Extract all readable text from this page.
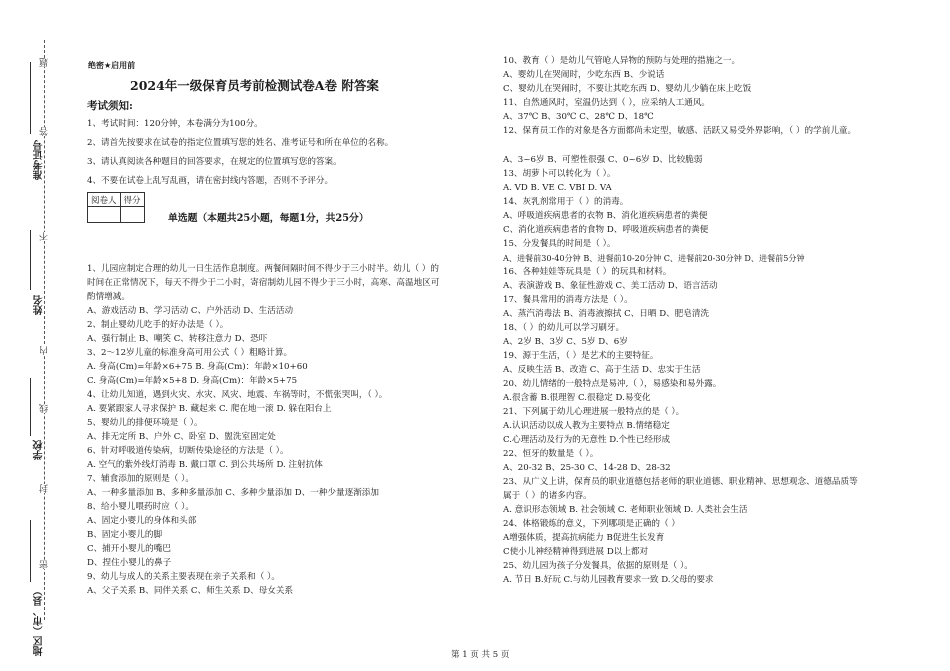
题
答
不
内
线
封
密
准考证号
姓名
学校
地区（市、县）
绝密★启用前
2024年一级保育员考前检测试卷A卷 附答案
考试须知:
1、考试时间：120分钟，本卷满分为100分。
2、请首先按要求在试卷的指定位置填写您的姓名、准考证号和所在单位的名称。
3、请认真阅读各种题目的回答要求，在规定的位置填写您的答案。
4、不要在试卷上乱写乱画，请在密封线内答题，否则不予评分。
阅卷人	得分

单选题（本题共25小题，每题1分，共25分）
1、儿园应制定合理的幼儿一日生活作息制度。两餐间隔时间不得少于三小时半。幼儿（ ）的
时间在正常情况下，每天不得少于二小时，寄宿制幼儿园不得少于三小时，高寒、高温地区可
酌情增减。
A、游戏活动 B、学习活动 C、户外活动 D、生活活动
2、制止婴幼儿吃手的好办法是（ ）。
A、强行制止 B、嘲笑 C、转移注意力 D、恐吓
3、2～12岁儿童的标准身高可用公式（ ）粗略计算。
A. 身高(Cm)=年龄×6+75 B. 身高(Cm)：年龄×10+60
C. 身高(Cm)=年龄×5+8 D. 身高(Cm)：年龄×5+75
4、让幼儿知道，遇到火灾、水灾、风灾、地震、车祸等时，不慌张哭叫，（ ）。
A. 要紧跟家人寻求保护 B. 藏起来 C. 爬在地一滚 D. 躲在阳台上
5、婴幼儿的排便环境是（ ）。
A、排无定所 B、户外 C、卧室 D、盥洗室固定处
6、针对呼吸道传染病，切断传染途径的方法是（ ）。
A. 空气的紫外线灯消毒 B. 戴口罩 C. 到公共场所 D. 注射抗体
7、辅食添加的原则是（ ）。
A、一种多量添加 B、多种多量添加 C、多种少量添加 D、一种少量逐渐添加
8、给小婴儿喂药时应（ ）。
A、固定小婴儿的身体和头部
B、固定小婴儿的脚
C、捕开小婴儿的嘴巴
D、捏住小婴儿的鼻子
9、幼儿与成人的关系主要表现在亲子关系和（ ）。
A、父子关系 B、同伴关系 C、师生关系 D、母女关系
10、教育（ ）是幼儿气管呛人异物的预防与处理的措施之一。
A、婴幼儿在哭闹时，少吃东西 B、少说话
C、婴幼儿在哭闹时，不要让其吃东西 D、婴幼儿少躺在床上吃饭
11、自然通风时，室温仍达到（ ），应采纳人工通风。
A、37℃ B、30℃ C、28℃ D、18℃
12、保育员工作的对象是各方面都尚未定型，敏感、活跃又易受外界影响，（ ）的学前儿童。
A、3~6岁 B、可塑性很强 C、0~6岁 D、比较脆弱
13、胡萝卜可以转化为（ ）。
A. VD B. VE C. VBI D. VA
14、灰乳剂常用于（ ）的消毒。
A、呼吸道疾病患者的衣物 B、消化道疾病患者的粪便
C、消化道疾病患者的食物 D、呼吸道疾病患者的粪便
15、分发餐具的时间是（ ）。
A、进餐前30-40分钟 B、进餐前10-20分钟 C、进餐前20-30分钟 D、进餐前5分钟
16、各种娃娃等玩具是（ ）的玩具和材料。
A、表演游戏 B、象征性游戏 C、美工活动 D、语言活动
17、餐具常用的消毒方法是（ ）。
A、蒸汽消毒法 B、消毒液擦拭 C、日晒 D、肥皂清洗
18、（ ）的幼儿可以学习刷牙。
A、2岁 B、3岁 C、5岁 D、6岁
19、源于生活，（ ）是艺术的主要特征。
A、反映生活 B、改造 C、高于生活 D、忠实于生活
20、幼儿情绪的一般特点是易冲,（ ），易感染和易外露。
A.很含蓄 B.很理智 C.很稳定 D.易变化
21、下列属于幼儿心理进展一般特点的是（ ）。
A.认识活动以成人教为主要特点 B.情绪稳定
C.心理活动及行为的无意性 D.个性已经形成
22、恒牙的数量是（ ）。
A、20-32 B、25-30 C、14-28 D、28-32
23、从广义上讲，保育员的职业道德包括老师的职业道德、职业精神、思想观念、道德品质等
属于（ ）的诸多内容。
A. 意识形态领域 B. 社会领域 C. 老师职业领域 D. 人类社会生活
24、体格锻炼的意义，下列哪项是正确的（ ）
A增强体质，提高抗病能力 B促进生长发育
C使小儿神经精神得到进展 D以上都对
25、幼儿园为孩子分发餐具，依据的原则是（ ）。
A. 节日 B.好玩 C.与幼儿园教育要求一致 D.父母的要求
第 1 页 共 5 页
